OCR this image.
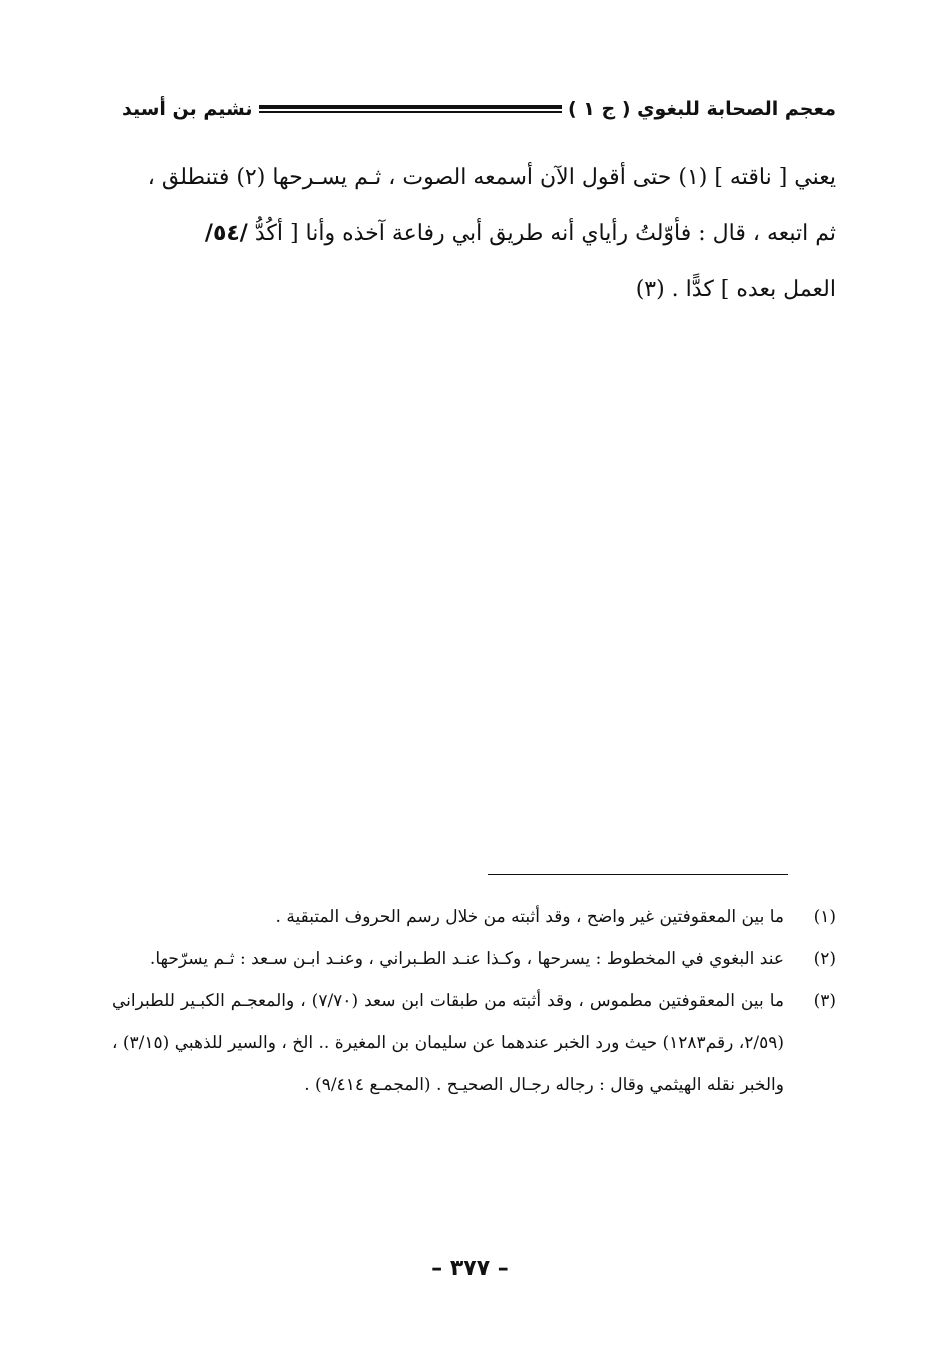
معجم الصحابة للبغوي ( ج ١ )
نشيم بن أسيد
يعني [ ناقته ] (١) حتى أقول الآن أسمعه الصوت ، ثـم يسـرحها (٢) فتنطلق ،
ثم اتبعه ، قال : فأوّلتُ رأياي أنه طريق أبي رفاعة آخذه وأنا [ أكُدُّ /٥٤/
العمل بعده ] كدًّا . (٣)
(١)
ما بين المعقوفتين غير واضح ، وقد أثبته من خلال رسم الحروف المتبقية .
(٢)
عند البغوي في المخطوط : يسرحها ، وكـذا عنـد الطـبراني ، وعنـد ابـن سـعد : ثـم يسرّحها.
(٣)
ما بين المعقوفتين مطموس ، وقد أثبته من طبقات ابن سعد (٧/٧٠) ، والمعجـم الكبـير للطبراني (٢/٥٩، رقم١٢٨٣) حيث ورد الخبر عندهما عن سليمان بن المغيرة .. الخ ، والسير للذهبي (٣/١٥) ، والخبر نقله الهيثمي وقال : رجاله رجـال الصحيـح . (المجمـع ٩/٤١٤) .
– ٣٧٧ –
